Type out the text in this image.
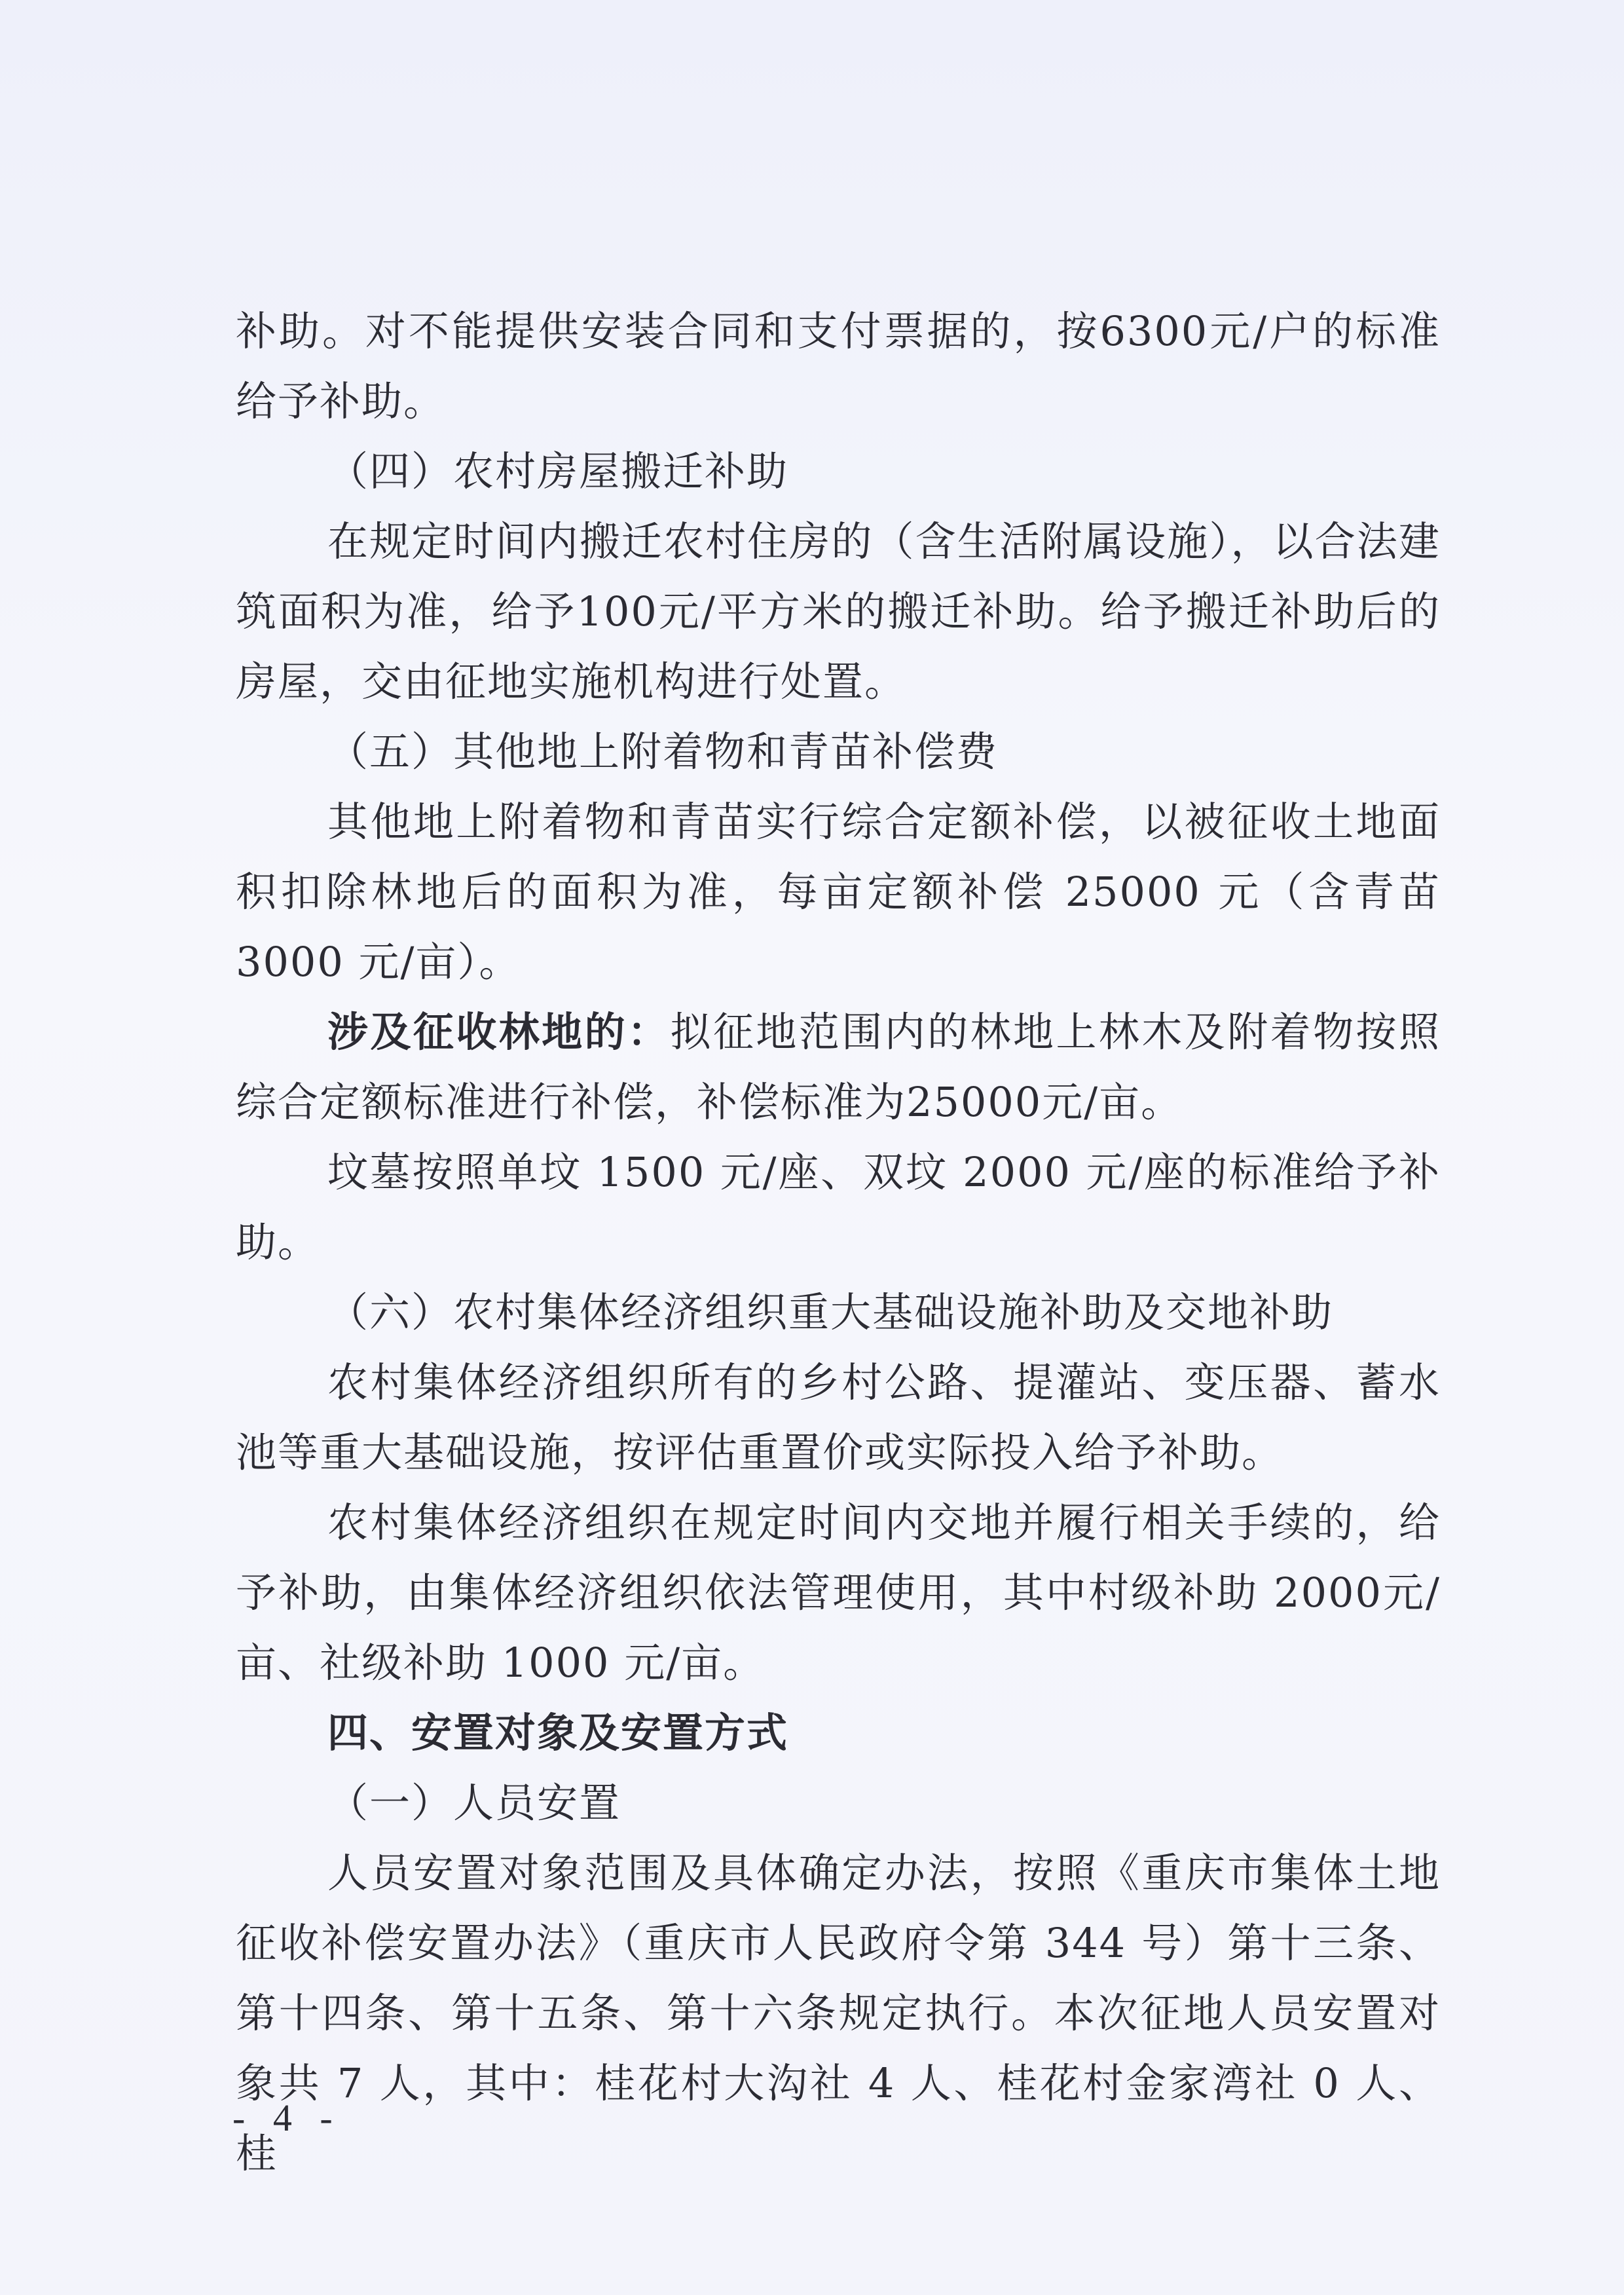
补助。对不能提供安装合同和支付票据的，按6300元/户的标准给予补助。

（四）农村房屋搬迁补助

在规定时间内搬迁农村住房的（含生活附属设施），以合法建筑面积为准，给予100元/平方米的搬迁补助。给予搬迁补助后的房屋，交由征地实施机构进行处置。

（五）其他地上附着物和青苗补偿费

其他地上附着物和青苗实行综合定额补偿，以被征收土地面积扣除林地后的面积为准，每亩定额补偿 25000 元（含青苗3000 元/亩）。

涉及征收林地的：拟征地范围内的林地上林木及附着物按照综合定额标准进行补偿，补偿标准为25000元/亩。

坟墓按照单坟 1500 元/座、双坟 2000 元/座的标准给予补助。

（六）农村集体经济组织重大基础设施补助及交地补助

农村集体经济组织所有的乡村公路、提灌站、变压器、蓄水池等重大基础设施，按评估重置价或实际投入给予补助。

农村集体经济组织在规定时间内交地并履行相关手续的，给予补助，由集体经济组织依法管理使用，其中村级补助 2000元/亩、社级补助 1000 元/亩。

四、安置对象及安置方式

（一）人员安置

人员安置对象范围及具体确定办法，按照《重庆市集体土地征收补偿安置办法》（重庆市人民政府令第 344 号）第十三条、第十四条、第十五条、第十六条规定执行。本次征地人员安置对象共 7 人，其中：桂花村大沟社 4 人、桂花村金家湾社 0 人、桂

- 4 -
